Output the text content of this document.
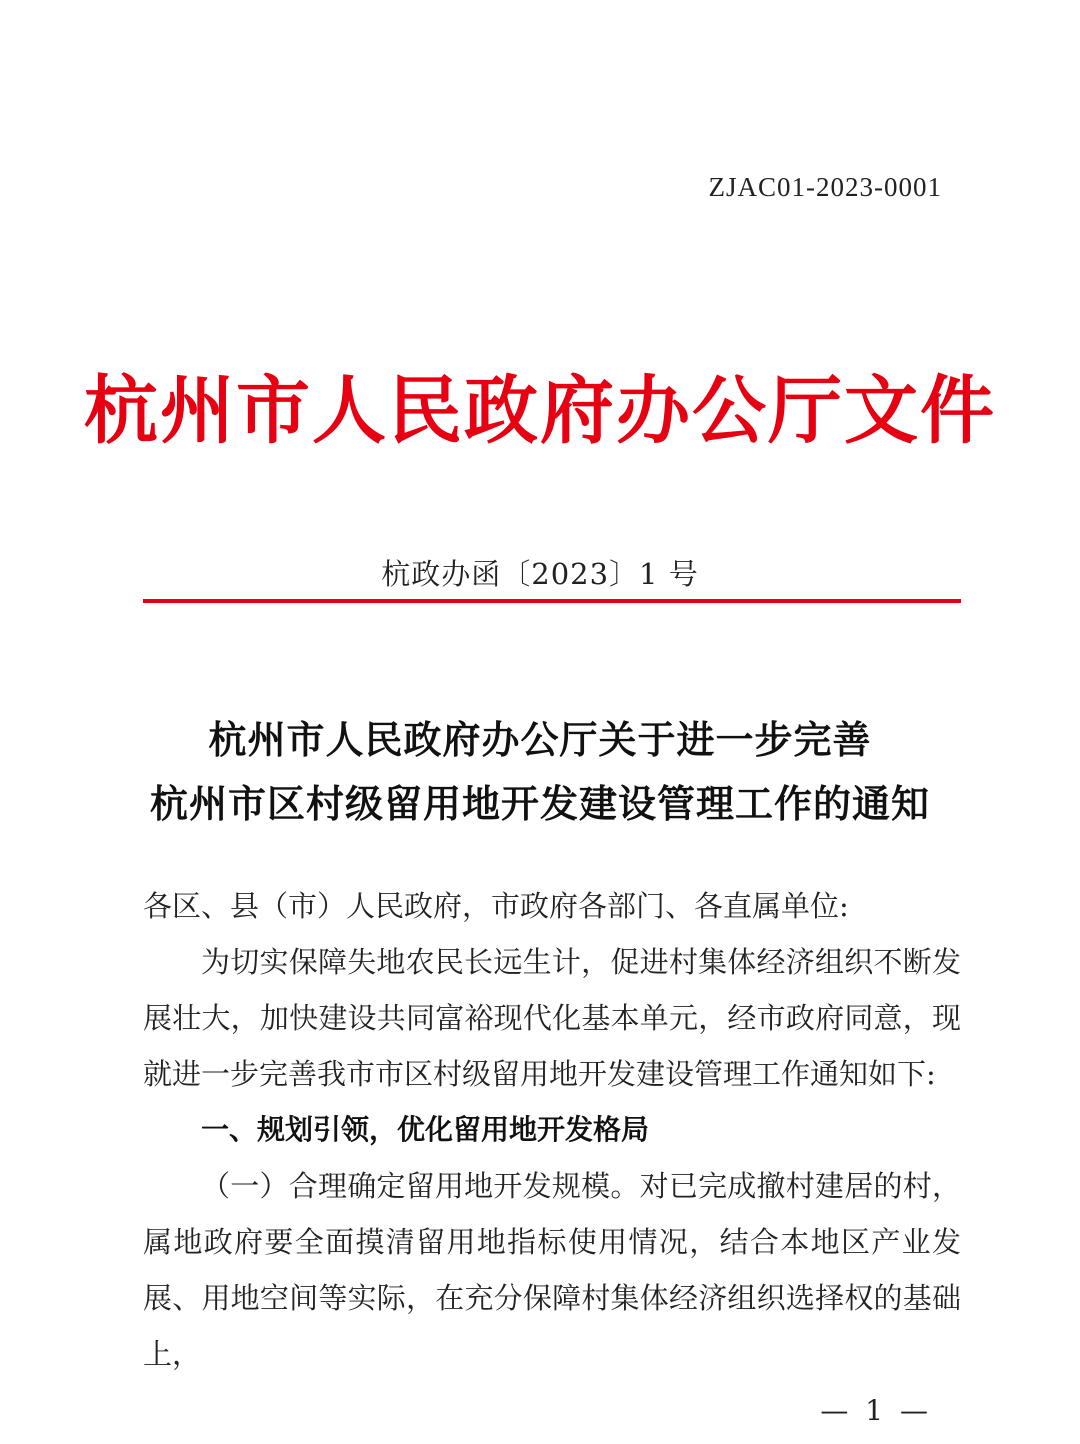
ZJAC01-2023-0001
杭州市人民政府办公厅文件
杭政办函〔2023〕1 号
杭州市人民政府办公厅关于进一步完善
杭州市区村级留用地开发建设管理工作的通知

各区、县（市）人民政府，市政府各部门、各直属单位:

为切实保障失地农民长远生计，促进村集体经济组织不断发展壮大，加快建设共同富裕现代化基本单元，经市政府同意，现就进一步完善我市市区村级留用地开发建设管理工作通知如下:

一、规划引领，优化留用地开发格局

（一）合理确定留用地开发规模。对已完成撤村建居的村，属地政府要全面摸清留用地指标使用情况，结合本地区产业发展、用地空间等实际，在充分保障村集体经济组织选择权的基础上，

— 1 —
